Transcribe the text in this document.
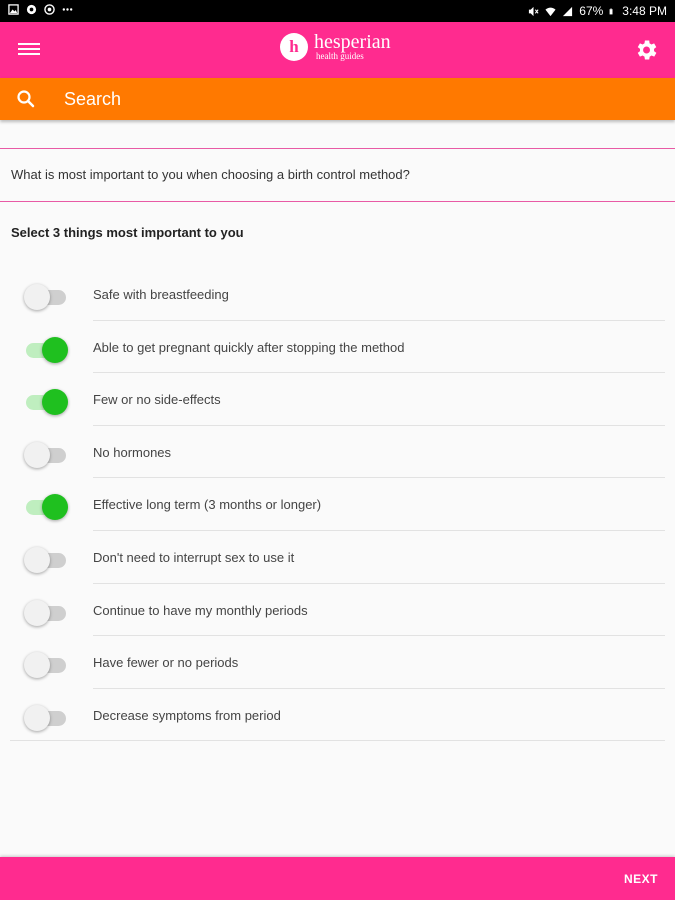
67% 3:48 PM
h hesperian
health guides
Search
What is most important to you when choosing a birth control method?
Select 3 things most important to you
Safe with breastfeeding
Able to get pregnant quickly after stopping the method
Few or no side-effects
No hormones
Effective long term (3 months or longer)
Don't need to interrupt sex to use it
Continue to have my monthly periods
Have fewer or no periods
Decrease symptoms from period
NEXT
